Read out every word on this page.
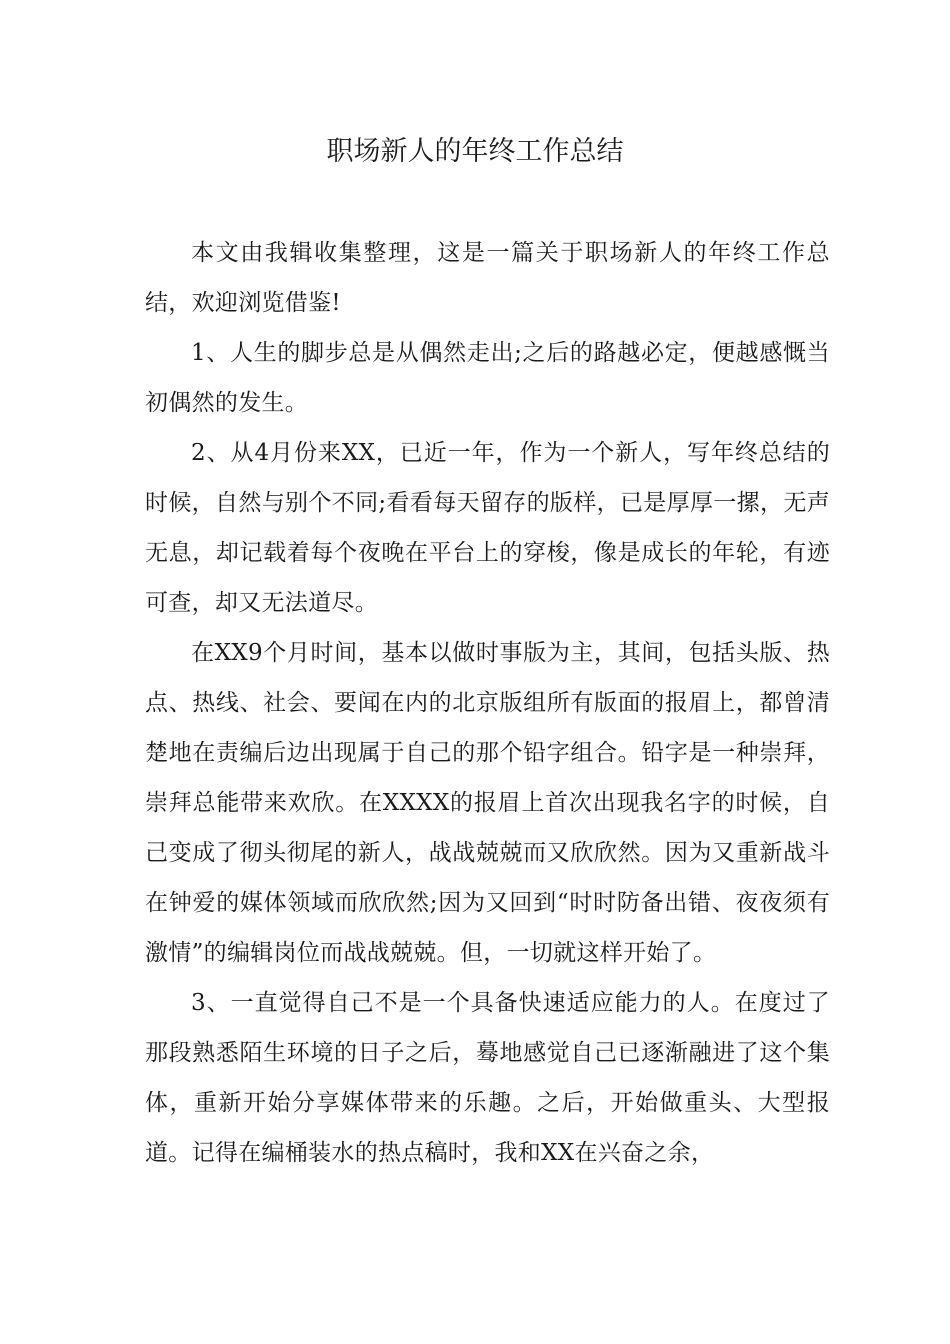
职场新人的年终工作总结

本文由我辑收集整理，这是一篇关于职场新人的年终工作总结，欢迎浏览借鉴!

1、人生的脚步总是从偶然走出;之后的路越必定，便越感慨当初偶然的发生。

2、从4月份来XX，已近一年，作为一个新人，写年终总结的时候，自然与别个不同;看看每天留存的版样，已是厚厚一摞，无声无息，却记载着每个夜晚在平台上的穿梭，像是成长的年轮，有迹可查，却又无法道尽。

在XX9个月时间，基本以做时事版为主，其间，包括头版、热点、热线、社会、要闻在内的北京版组所有版面的报眉上，都曾清楚地在责编后边出现属于自己的那个铅字组合。铅字是一种崇拜，崇拜总能带来欢欣。在XXXX的报眉上首次出现我名字的时候，自己变成了彻头彻尾的新人，战战兢兢而又欣欣然。因为又重新战斗在钟爱的媒体领域而欣欣然;因为又回到“时时防备出错、夜夜须有激情”的编辑岗位而战战兢兢。但，一切就这样开始了。

3、一直觉得自己不是一个具备快速适应能力的人。在度过了那段熟悉陌生环境的日子之后，蓦地感觉自己已逐渐融进了这个集体，重新开始分享媒体带来的乐趣。之后，开始做重头、大型报道。记得在编桶装水的热点稿时，我和XX在兴奋之余，
